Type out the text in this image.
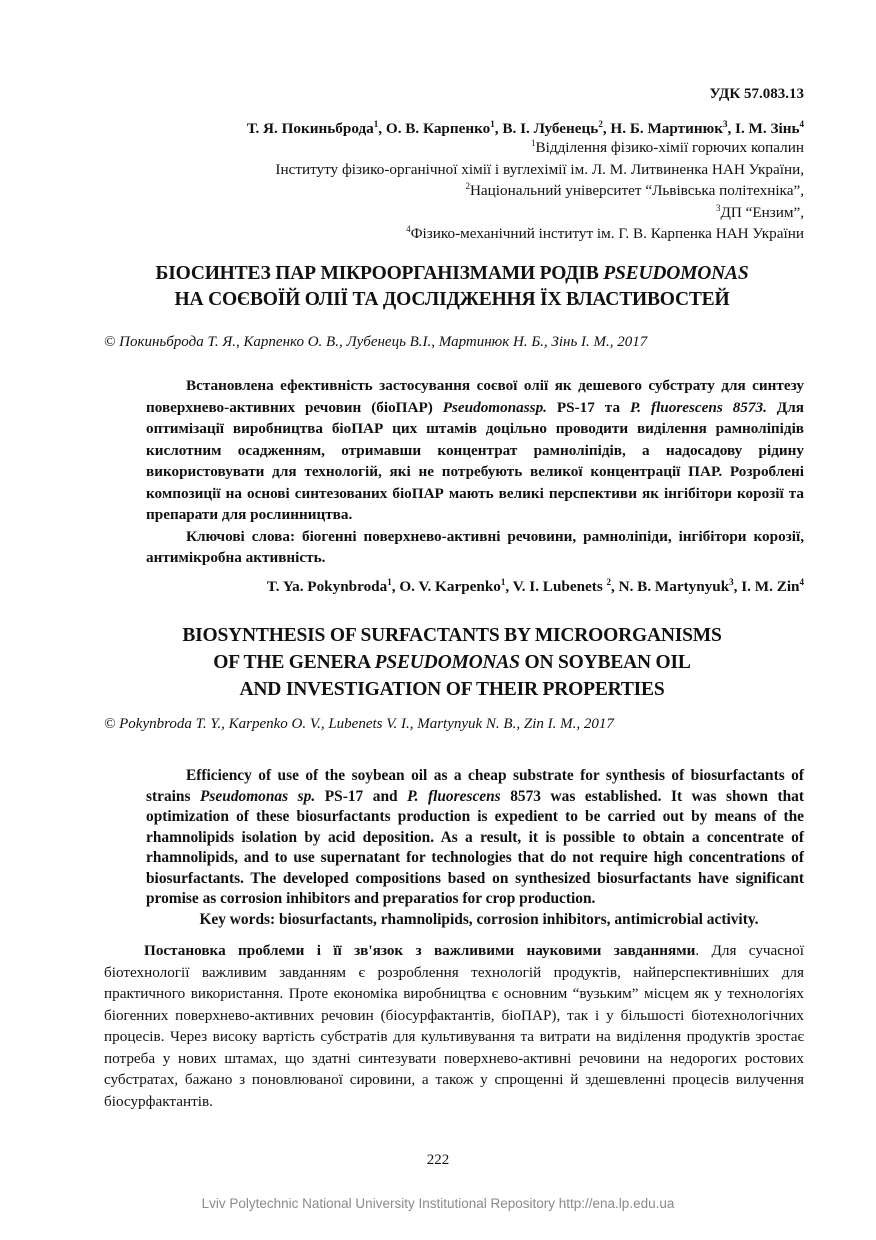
УДК 57.083.13
Т. Я. Покиньброда$^1$, О. В. Карпенко$^1$, В. І. Лубенець$^2$, Н. Б. Мартинюк$^3$, І. М. Зінь$^4$
$^1$Відділення фізико-хімії горючих копалин
Інституту фізико-органічної хімії і вуглехімії ім. Л. М. Литвиненка НАН України,
$^2$Національний університет “Львівська політехніка”,
$^3$ДП “Ензим”,
$^4$Фізико-механічний інститут ім. Г. В. Карпенка НАН України
БІОСИНТЕЗ ПАР МІКРООРГАНІЗМАМИ РОДІВ PSEUDOMONAS
НА СОЄВОЇЙ ОЛІЇ ТА ДОСЛІДЖЕННЯ ЇХ ВЛАСТИВОСТЕЙ
© Покиньброда Т. Я., Карпенко О. В., Лубенець В.І., Мартинюк Н. Б., Зінь І. М., 2017
Встановлена ефективність застосування соєвої олії як дешевого субстрату для синтезу поверхнево-активних речовин (біоПАР) Pseudomonassp. PS-17 та P. fluorescens 8573. Для оптимізації виробництва біоПАР цих штамів доцільно проводити виділення рамноліпідів кислотним осадженням, отримавши концентрат рамноліпідів, а надосадову рідину використовувати для технологій, які не потребують великої концентрації ПАР. Розроблені композиції на основі синтезованих біоПАР мають великі перспективи як інгібітори корозії та препарати для рослинництва.
Ключові слова: біогенні поверхнево-активні речовини, рамноліпіди, інгібітори корозії, антимікробна активність.
T. Ya. Pokynbroda$^1$, O. V. Karpenko$^1$, V. I. Lubenets $^2$, N. B. Martynyuk$^3$, I. M. Zin$^4$
BIOSYNTHESIS OF SURFACTANTS BY MICROORGANISMS
OF THE GENERA PSEUDOMONAS ON SOYBEAN OIL
AND INVESTIGATION OF THEIR PROPERTIES
© Pokynbroda T. Y., Karpenko O. V., Lubenets V. I., Martynyuk N. B., Zin I. M., 2017
Efficiency of use of the soybean oil as a cheap substrate for synthesis of biosurfactants of strains Pseudomonas sp. PS-17 and P. fluorescens 8573 was established. It was shown that optimization of these biosurfactants production is expedient to be carried out by means of the rhamnolipids isolation by acid deposition. As a result, it is possible to obtain a concentrate of rhamnolipids, and to use supernatant for technologies that do not require high concentrations of biosurfactants. The developed compositions based on synthesized biosurfactants have significant promise as corrosion inhibitors and preparatios for crop production.
Key words: biosurfactants, rhamnolipids, corrosion inhibitors, antimicrobial activity.
Постановка проблеми і її зв'язок з важливими науковими завданнями. Для сучасної біотехнології важливим завданням є розроблення технологій продуктів, найперспективніших для практичного використання. Проте економіка виробництва є основним “вузьким” місцем як у технологіях біогенних поверхнево-активних речовин (біосурфактантів, біоПАР), так і у більшості біотехнологічних процесів. Через високу вартість субстратів для культивування та витрати на виділення продуктів зростає потреба у нових штамах, що здатні синтезувати поверхнево-активні речовини на недорогих ростових субстратах, бажано з поновлюваної сировини, а також у спрощенні й здешевленні процесів вилучення біосурфактантів.
222
Lviv Polytechnic National University Institutional Repository http://ena.lp.edu.ua
